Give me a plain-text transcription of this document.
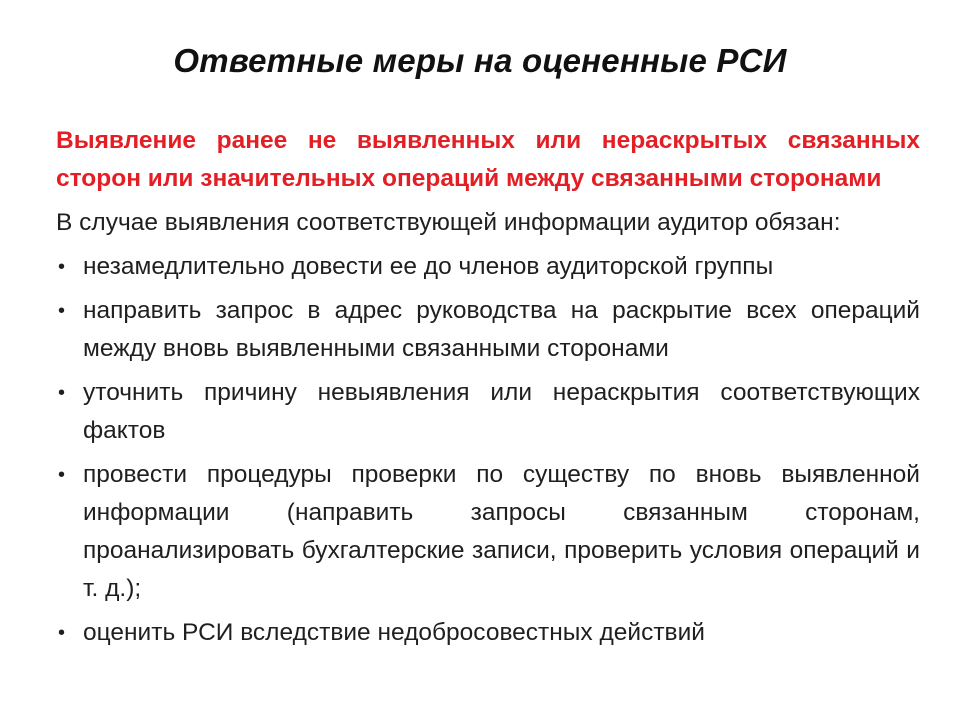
Ответные меры на оцененные РСИ

Выявление ранее не выявленных или нераскрытых связанных сторон или значительных операций между связанными сторонами

В случае выявления соответствующей информации аудитор обязан:

• незамедлительно довести ее до членов аудиторской группы
• направить запрос в адрес руководства на раскрытие всех операций между вновь выявленными связанными сторонами
• уточнить причину невыявления или нераскрытия соответствующих фактов
• провести процедуры проверки по существу по вновь выявленной информации (направить запросы связанным сторонам, проанализировать бухгалтерские записи, проверить условия операций и т. д.);
• оценить РСИ вследствие недобросовестных действий
